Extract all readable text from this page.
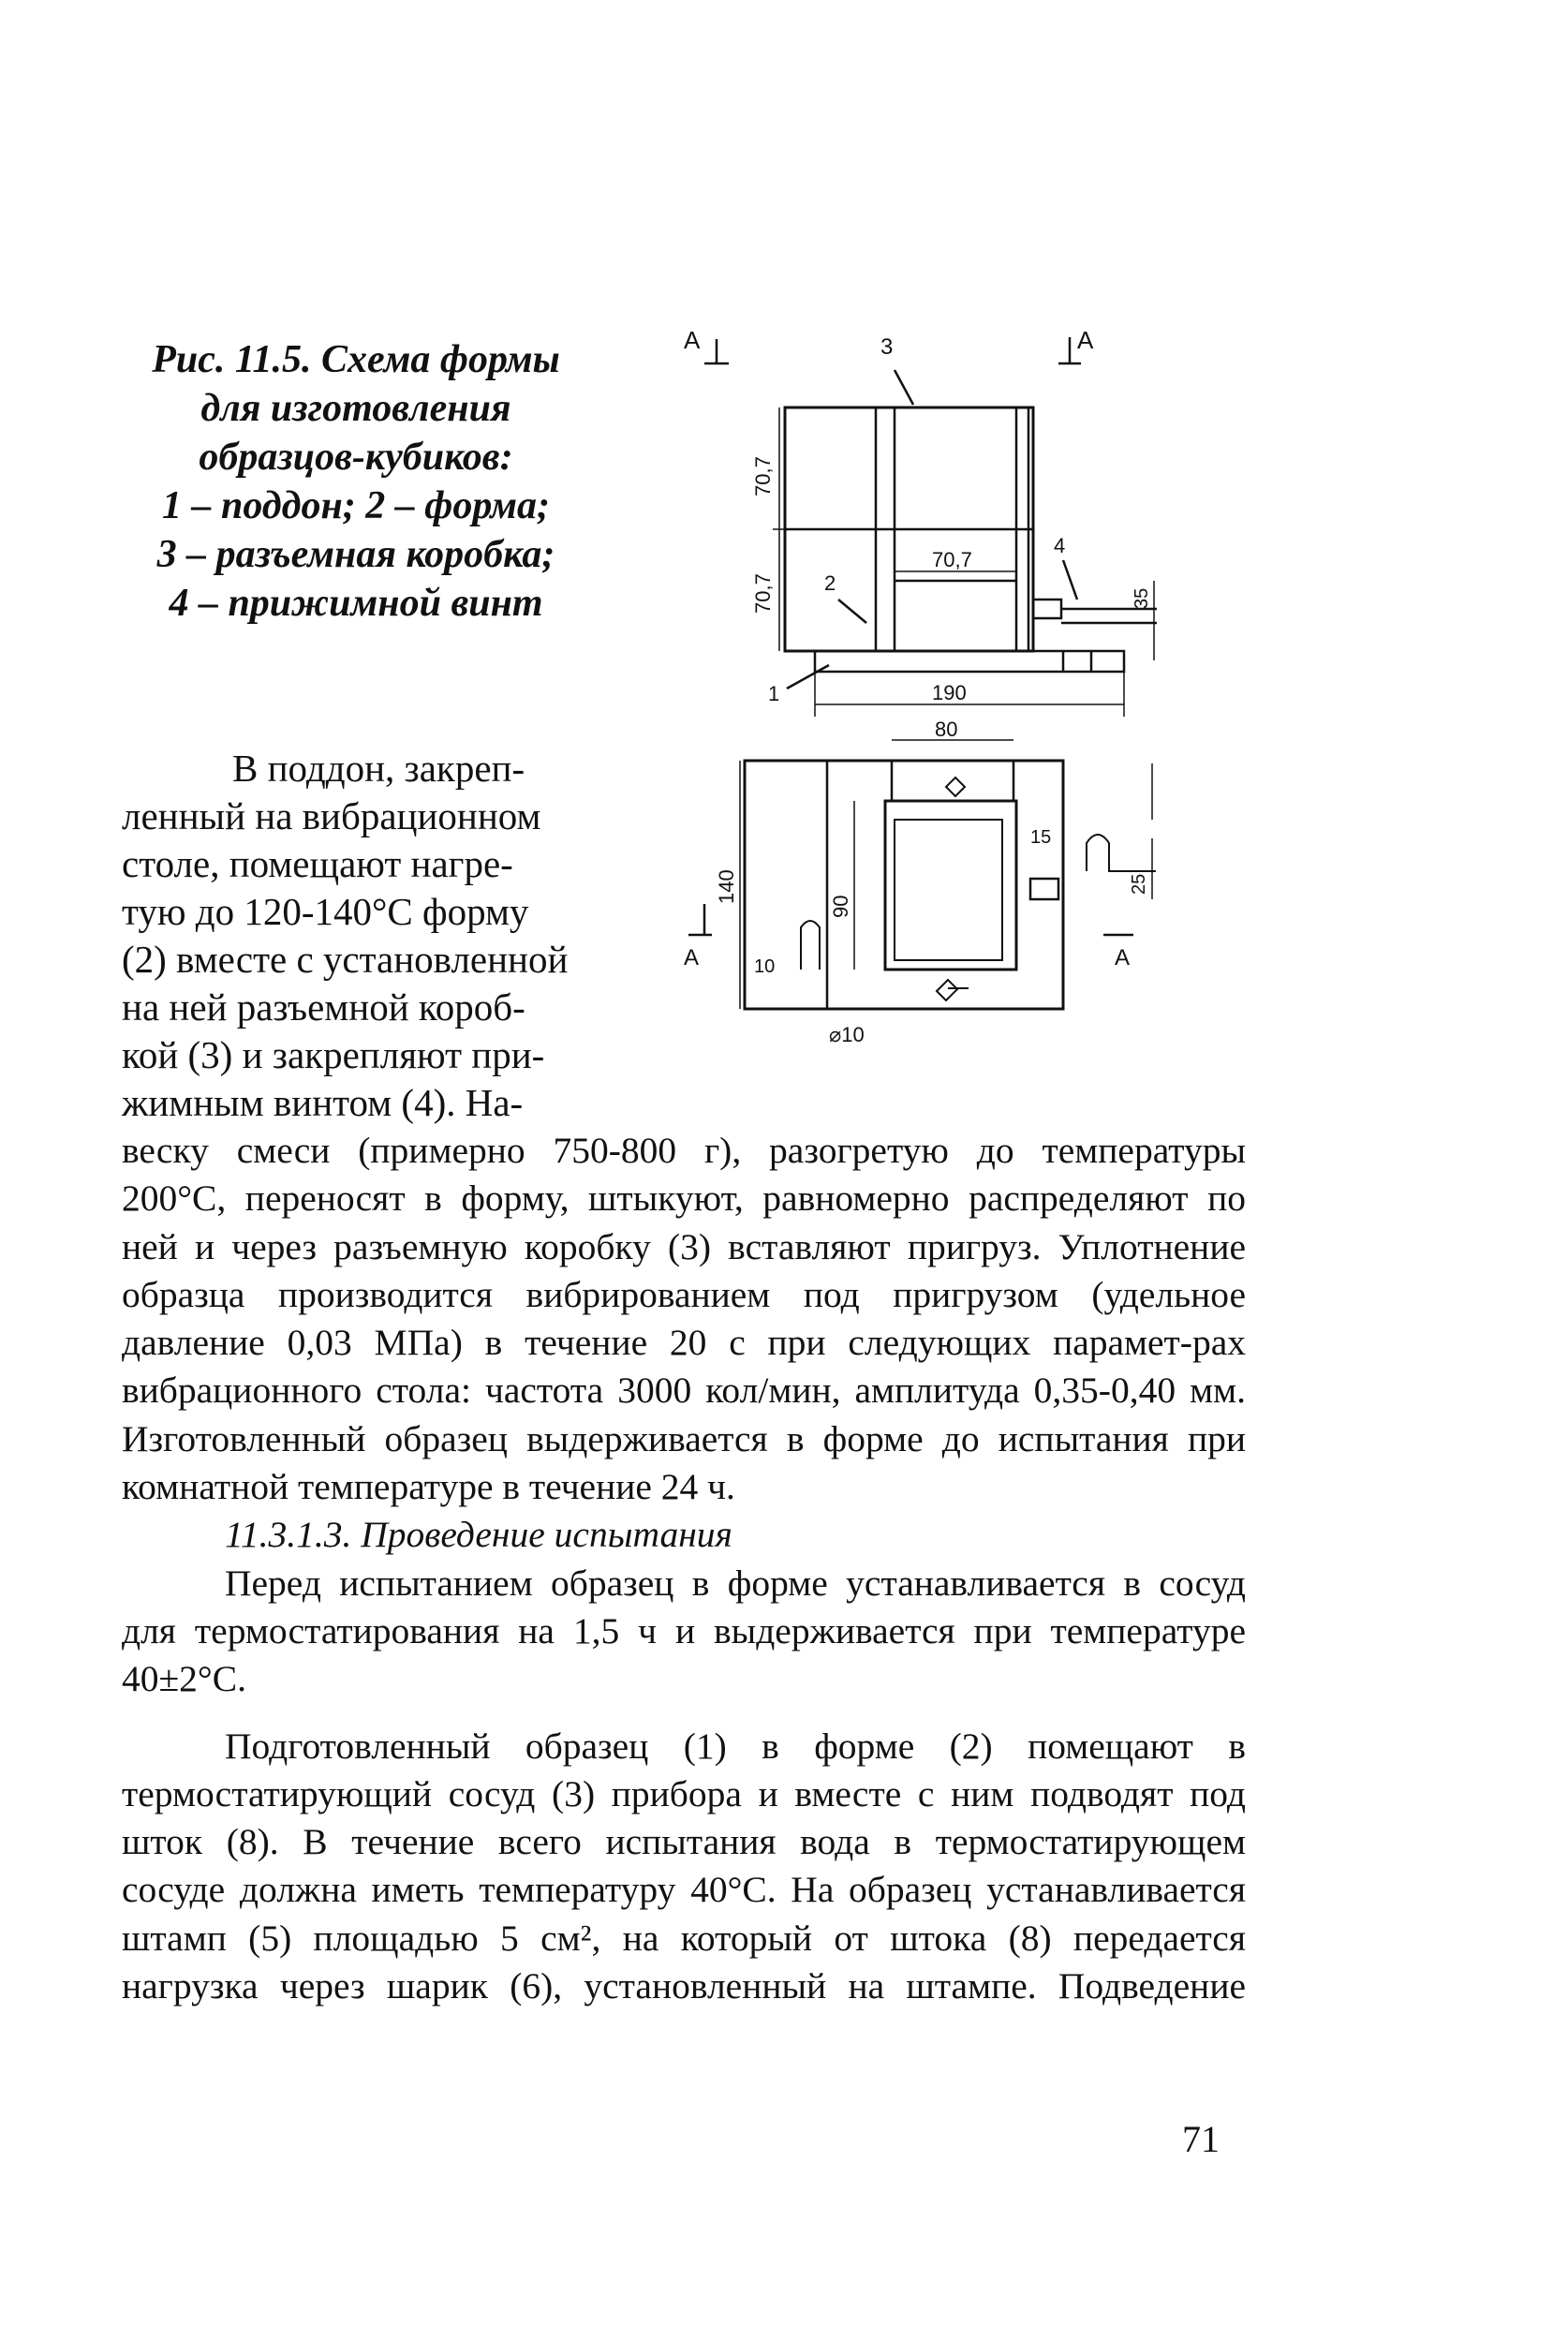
Рис. 11.5. Схема формы
для изготовления
образцов-кубиков:
1 – поддон; 2 – форма;
3 – разъемная коробка;
4 – прижимной винт
А	А
3
70,7
70,7
70,7
2
4
35
1	190
80
140
90
15
25
А	А
10
⌀10
В поддон, закреп-
ленный на вибрационном
столе, помещают нагре-
тую до 120-140°С форму
(2) вместе с установленной
на ней разъемной короб-
кой (3) и закрепляют при-
жимным винтом (4). На-
веску смеси (примерно 750-800 г), разогретую до температуры
200°С, переносят в форму, штыкуют, равномерно распределяют по
ней и через разъемную коробку (3) вставляют пригруз. Уплотнение
образца производится вибрированием под пригрузом (удельное
давление 0,03 МПа) в течение 20 с при следующих парамет-рах
вибрационного стола: частота 3000 кол/мин, амплитуда 0,35-0,40 мм.
Изготовленный образец выдерживается в форме до испытания при
комнатной температуре в течение 24 ч.
11.3.1.3. Проведение испытания
Перед испытанием образец в форме устанавливается в сосуд
для термостатирования на 1,5 ч и выдерживается при температуре
40±2°С.
Подготовленный образец (1) в форме (2) помещают в
термостатирующий сосуд (3) прибора и вместе с ним подводят под
шток (8). В течение всего испытания вода в термостатирующем
сосуде должна иметь температуру 40°С. На образец устанавливается
штамп (5) площадью 5 см², на который от штока (8) передается
нагрузка через шарик (6), установленный на штампе. Подведение
71
